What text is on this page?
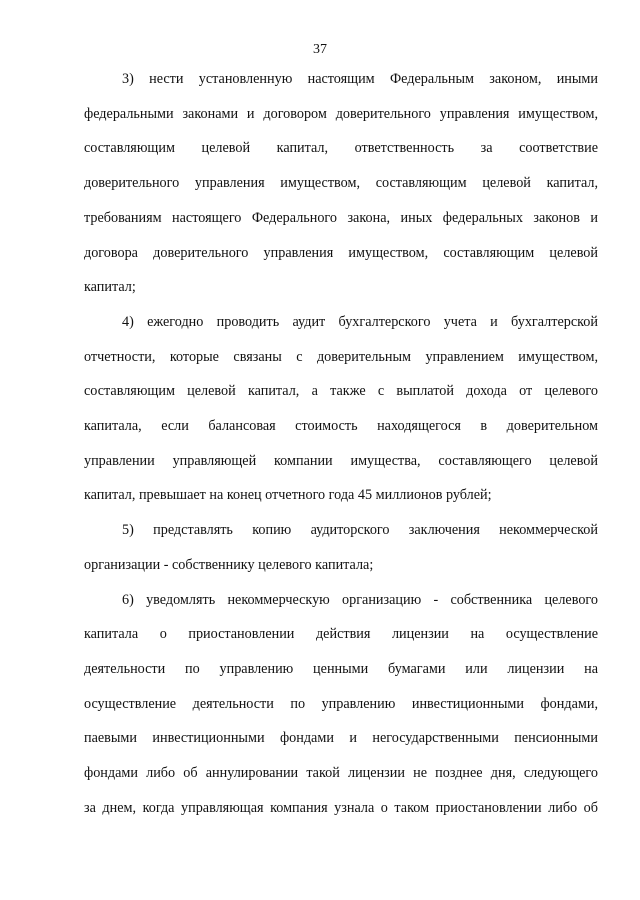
37

3) нести установленную настоящим Федеральным законом, иными
федеральными законами и договором доверительного управления имуществом,
составляющим целевой капитал, ответственность за соответствие
доверительного управления имуществом, составляющим целевой капитал,
требованиям настоящего Федерального закона, иных федеральных законов и
договора доверительного управления имуществом, составляющим целевой
капитал;

4) ежегодно проводить аудит бухгалтерского учета и бухгалтерской
отчетности, которые связаны с доверительным управлением имуществом,
составляющим целевой капитал, а также с выплатой дохода от целевого
капитала, если балансовая стоимость находящегося в доверительном
управлении управляющей компании имущества, составляющего целевой
капитал, превышает на конец отчетного года 45 миллионов рублей;

5) представлять копию аудиторского заключения некоммерческой
организации - собственнику целевого капитала;

6) уведомлять некоммерческую организацию - собственника целевого
капитала о приостановлении действия лицензии на осуществление
деятельности по управлению ценными бумагами или лицензии на
осуществление деятельности по управлению инвестиционными фондами,
паевыми инвестиционными фондами и негосударственными пенсионными
фондами либо об аннулировании такой лицензии не позднее дня, следующего
за днем, когда управляющая компания узнала о таком приостановлении либо об
